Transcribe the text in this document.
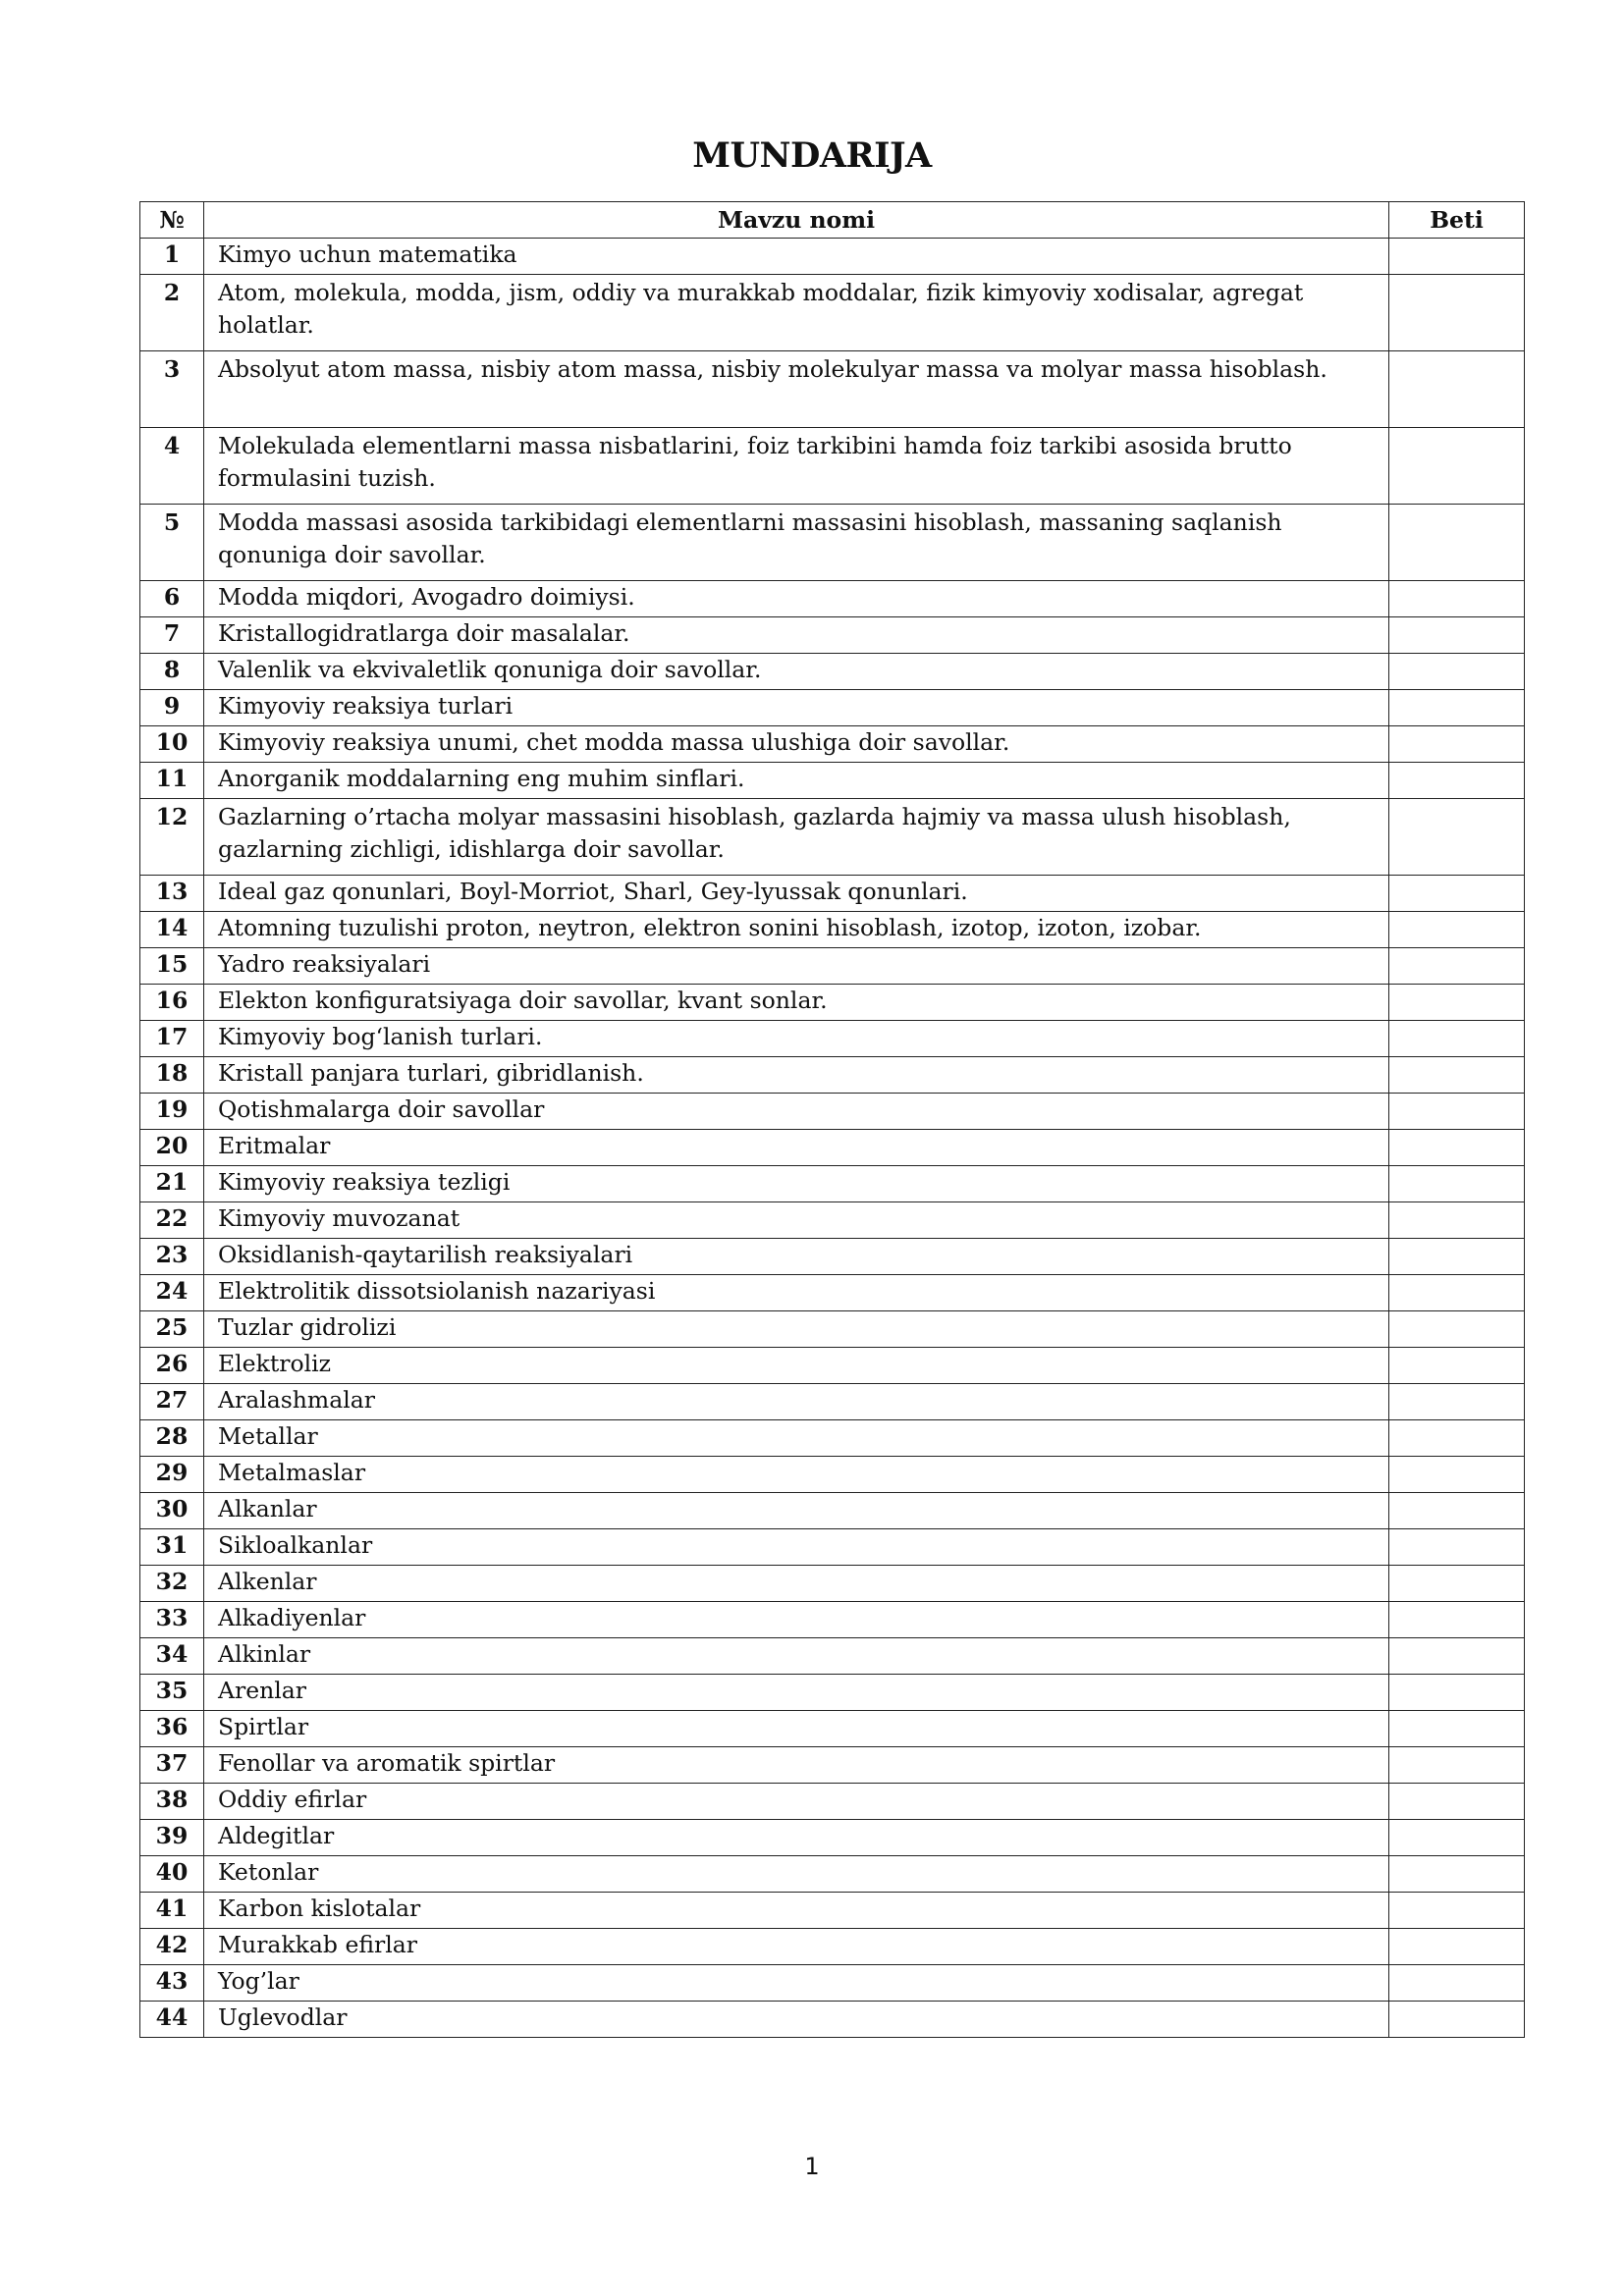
MUNDARIJA
№	Mavzu nomi	Beti
1	Kimyo uchun matematika	
2	Atom, molekula, modda, jism, oddiy va murakkab moddalar, fizik kimyoviy xodisalar, agregat holatlar.	
3	Absolyut atom massa, nisbiy atom massa, nisbiy molekulyar massa va molyar massa hisoblash.	
4	Molekulada elementlarni massa nisbatlarini, foiz tarkibini hamda foiz tarkibi asosida brutto formulasini tuzish.	
5	Modda massasi asosida tarkibidagi elementlarni massasini hisoblash, massaning saqlanish qonuniga doir savollar.	
6	Modda miqdori, Avogadro doimiysi.	
7	Kristallogidratlarga doir masalalar.	
8	Valenlik va ekvivaletlik qonuniga doir savollar.	
9	Kimyoviy reaksiya turlari	
10	Kimyoviy reaksiya unumi, chet modda massa ulushiga doir savollar.	
11	Anorganik moddalarning eng muhim sinflari.	
12	Gazlarning o’rtacha molyar massasini hisoblash, gazlarda hajmiy va massa ulush hisoblash, gazlarning zichligi, idishlarga doir savollar.	
13	Ideal gaz qonunlari, Boyl-Morriot, Sharl, Gey-lyussak qonunlari.	
14	Atomning tuzulishi proton, neytron, elektron sonini hisoblash, izotop, izoton, izobar.	
15	Yadro reaksiyalari	
16	Elekton konfiguratsiyaga doir savollar, kvant sonlar.	
17	Kimyoviy bog‘lanish turlari.	
18	Kristall panjara turlari, gibridlanish.	
19	Qotishmalarga doir savollar	
20	Eritmalar	
21	Kimyoviy reaksiya tezligi	
22	Kimyoviy muvozanat	
23	Oksidlanish-qaytarilish reaksiyalari	
24	Elektrolitik dissotsiolanish nazariyasi	
25	Tuzlar gidrolizi	
26	Elektroliz	
27	Aralashmalar	
28	Metallar	
29	Metalmaslar	
30	Alkanlar	
31	Sikloalkanlar	
32	Alkenlar	
33	Alkadiyenlar	
34	Alkinlar	
35	Arenlar	
36	Spirtlar	
37	Fenollar va aromatik spirtlar	
38	Oddiy efirlar	
39	Aldegitlar	
40	Ketonlar	
41	Karbon kislotalar	
42	Murakkab efirlar	
43	Yog’lar	
44	Uglevodlar	
1
